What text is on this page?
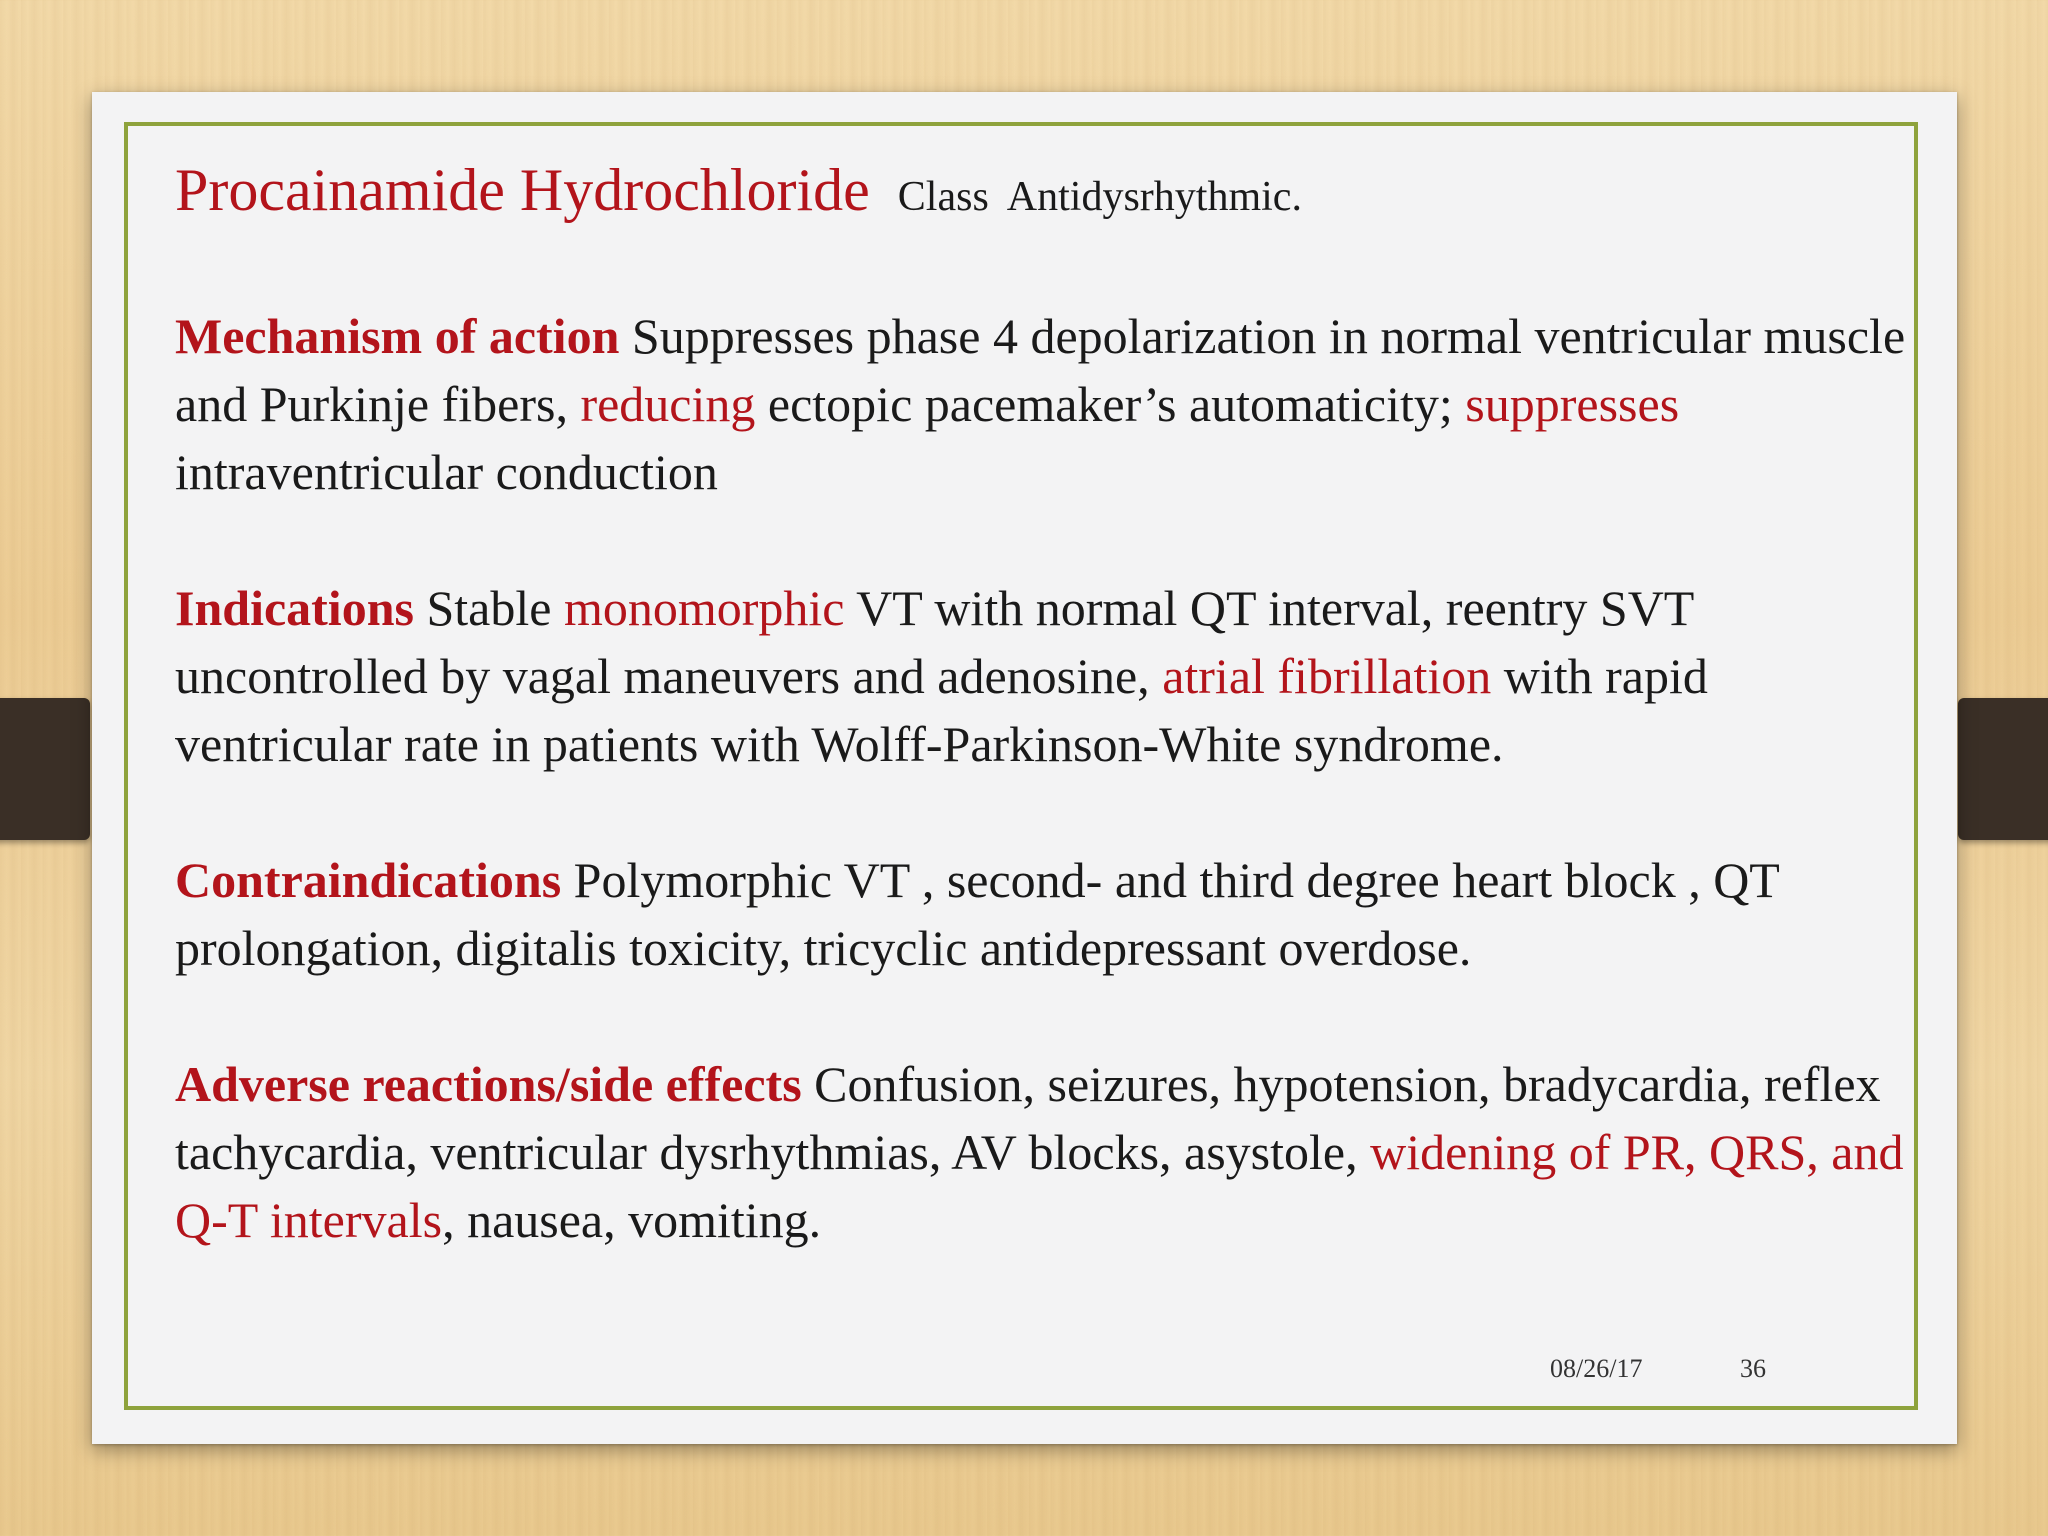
Procainamide Hydrochloride Class Antidysrhythmic.

Mechanism of action Suppresses phase 4 depolarization in normal ventricular muscle and Purkinje fibers, reducing ectopic pacemaker’s automaticity; suppresses intraventricular conduction

Indications Stable monomorphic VT with normal QT interval, reentry SVT uncontrolled by vagal maneuvers and adenosine, atrial fibrillation with rapid ventricular rate in patients with Wolff-Parkinson-White syndrome.

Contraindications Polymorphic VT , second- and third degree heart block , QT prolongation, digitalis toxicity, tricyclic antidepressant overdose.

Adverse reactions/side effects Confusion, seizures, hypotension, bradycardia, reflex tachycardia, ventricular dysrhythmias, AV blocks, asystole, widening of PR, QRS, and Q-T intervals, nausea, vomiting.

08/26/17	36
